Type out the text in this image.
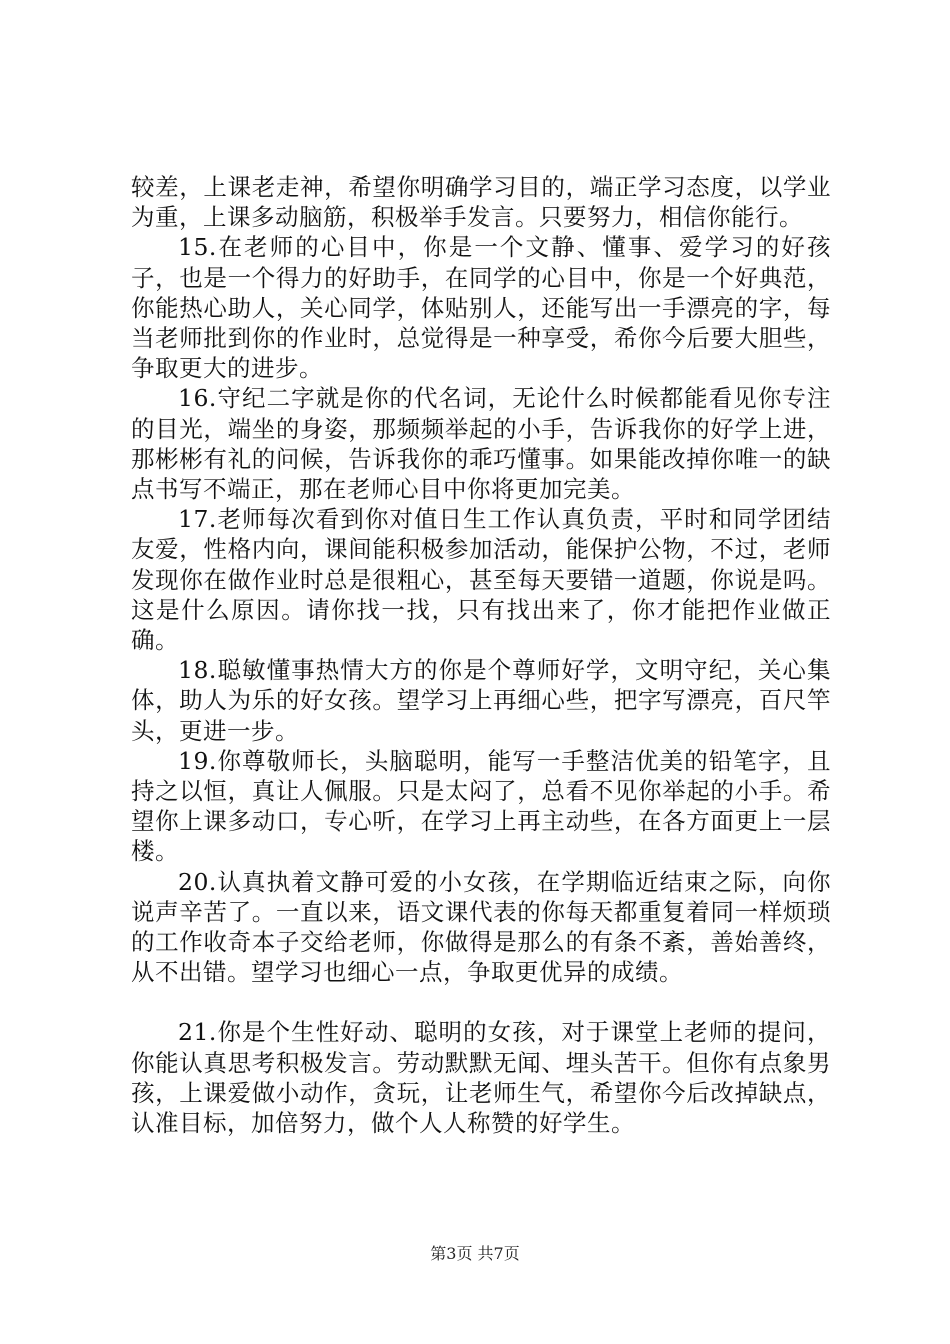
较差，上课老走神，希望你明确学习目的，端正学习态度，以学业为重，上课多动脑筋，积极举手发言。只要努力，相信你能行。

15.在老师的心目中，你是一个文静、懂事、爱学习的好孩子，也是一个得力的好助手，在同学的心目中，你是一个好典范，你能热心助人，关心同学，体贴别人，还能写出一手漂亮的字，每当老师批到你的作业时，总觉得是一种享受，希你今后要大胆些，争取更大的进步。

16.守纪二字就是你的代名词，无论什么时候都能看见你专注的目光，端坐的身姿，那频频举起的小手，告诉我你的好学上进，那彬彬有礼的问候，告诉我你的乖巧懂事。如果能改掉你唯一的缺点书写不端正，那在老师心目中你将更加完美。

17.老师每次看到你对值日生工作认真负责，平时和同学团结友爱，性格内向，课间能积极参加活动，能保护公物，不过，老师发现你在做作业时总是很粗心，甚至每天要错一道题，你说是吗。这是什么原因。请你找一找，只有找出来了，你才能把作业做正确。

18.聪敏懂事热情大方的你是个尊师好学，文明守纪，关心集体，助人为乐的好女孩。望学习上再细心些，把字写漂亮，百尺竿头，更进一步。

19.你尊敬师长，头脑聪明，能写一手整洁优美的铅笔字，且持之以恒，真让人佩服。只是太闷了，总看不见你举起的小手。希望你上课多动口，专心听，在学习上再主动些，在各方面更上一层楼。

20.认真执着文静可爱的小女孩，在学期临近结束之际，向你说声辛苦了。一直以来，语文课代表的你每天都重复着同一样烦琐的工作收奇本子交给老师，你做得是那么的有条不紊，善始善终，从不出错。望学习也细心一点，争取更优异的成绩。

21.你是个生性好动、聪明的女孩，对于课堂上老师的提问，你能认真思考积极发言。劳动默默无闻、埋头苦干。但你有点象男孩，上课爱做小动作，贪玩，让老师生气，希望你今后改掉缺点，认准目标，加倍努力，做个人人称赞的好学生。

第3页 共7页
